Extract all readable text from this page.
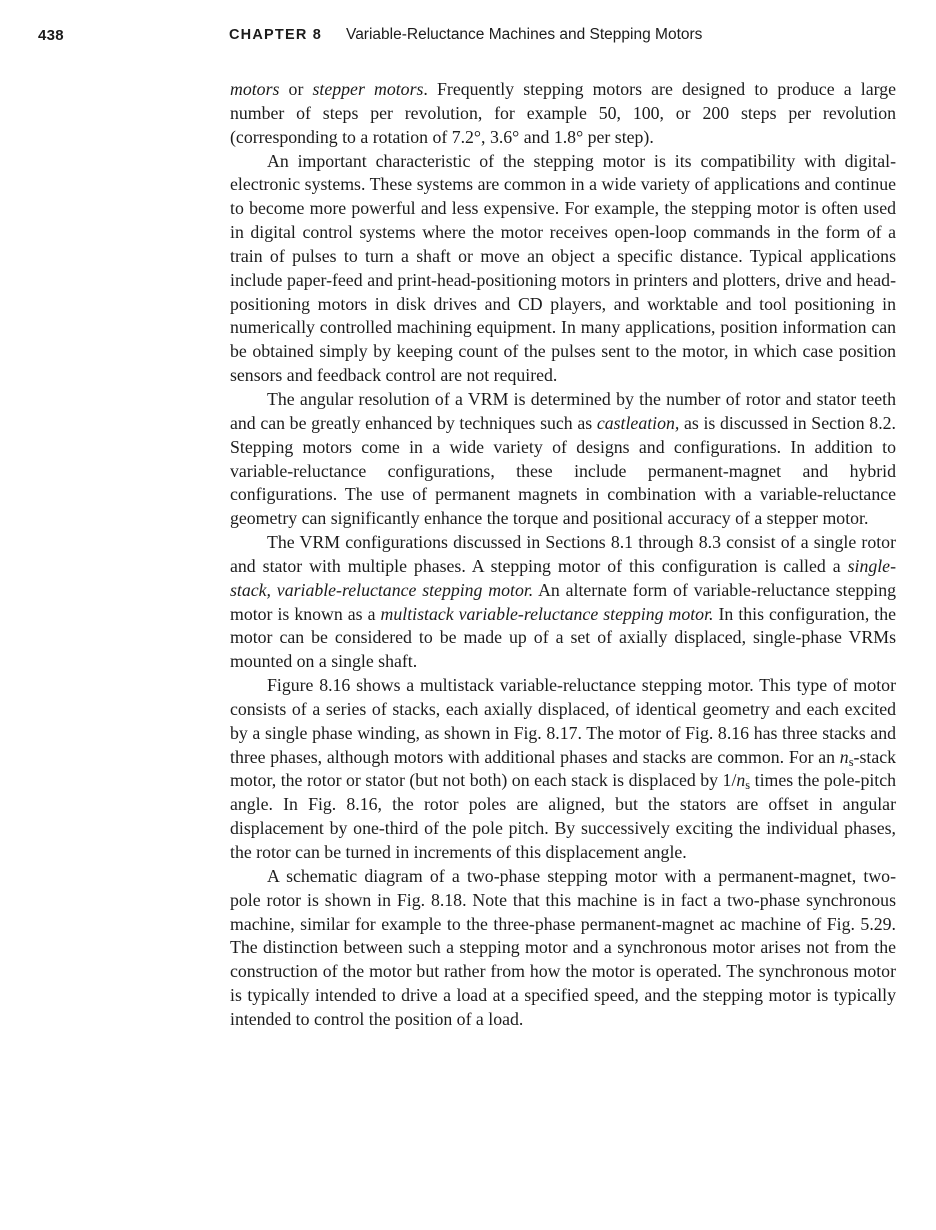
438	CHAPTER 8 Variable-Reluctance Machines and Stepping Motors

motors or stepper motors. Frequently stepping motors are designed to produce a large number of steps per revolution, for example 50, 100, or 200 steps per revolution (corresponding to a rotation of 7.2°, 3.6° and 1.8° per step).

An important characteristic of the stepping motor is its compatibility with digital-electronic systems. These systems are common in a wide variety of applications and continue to become more powerful and less expensive. For example, the stepping motor is often used in digital control systems where the motor receives open-loop commands in the form of a train of pulses to turn a shaft or move an object a specific distance. Typical applications include paper-feed and print-head-positioning motors in printers and plotters, drive and head-positioning motors in disk drives and CD players, and worktable and tool positioning in numerically controlled machining equipment. In many applications, position information can be obtained simply by keeping count of the pulses sent to the motor, in which case position sensors and feedback control are not required.

The angular resolution of a VRM is determined by the number of rotor and stator teeth and can be greatly enhanced by techniques such as castleation, as is discussed in Section 8.2. Stepping motors come in a wide variety of designs and configurations. In addition to variable-reluctance configurations, these include permanent-magnet and hybrid configurations. The use of permanent magnets in combination with a variable-reluctance geometry can significantly enhance the torque and positional accuracy of a stepper motor.

The VRM configurations discussed in Sections 8.1 through 8.3 consist of a single rotor and stator with multiple phases. A stepping motor of this configuration is called a single-stack, variable-reluctance stepping motor. An alternate form of variable-reluctance stepping motor is known as a multistack variable-reluctance stepping motor. In this configuration, the motor can be considered to be made up of a set of axially displaced, single-phase VRMs mounted on a single shaft.

Figure 8.16 shows a multistack variable-reluctance stepping motor. This type of motor consists of a series of stacks, each axially displaced, of identical geometry and each excited by a single phase winding, as shown in Fig. 8.17. The motor of Fig. 8.16 has three stacks and three phases, although motors with additional phases and stacks are common. For an $n_s$-stack motor, the rotor or stator (but not both) on each stack is displaced by $1/n_s$ times the pole-pitch angle. In Fig. 8.16, the rotor poles are aligned, but the stators are offset in angular displacement by one-third of the pole pitch. By successively exciting the individual phases, the rotor can be turned in increments of this displacement angle.

A schematic diagram of a two-phase stepping motor with a permanent-magnet, two-pole rotor is shown in Fig. 8.18. Note that this machine is in fact a two-phase synchronous machine, similar for example to the three-phase permanent-magnet ac machine of Fig. 5.29. The distinction between such a stepping motor and a synchronous motor arises not from the construction of the motor but rather from how the motor is operated. The synchronous motor is typically intended to drive a load at a specified speed, and the stepping motor is typically intended to control the position of a load.
